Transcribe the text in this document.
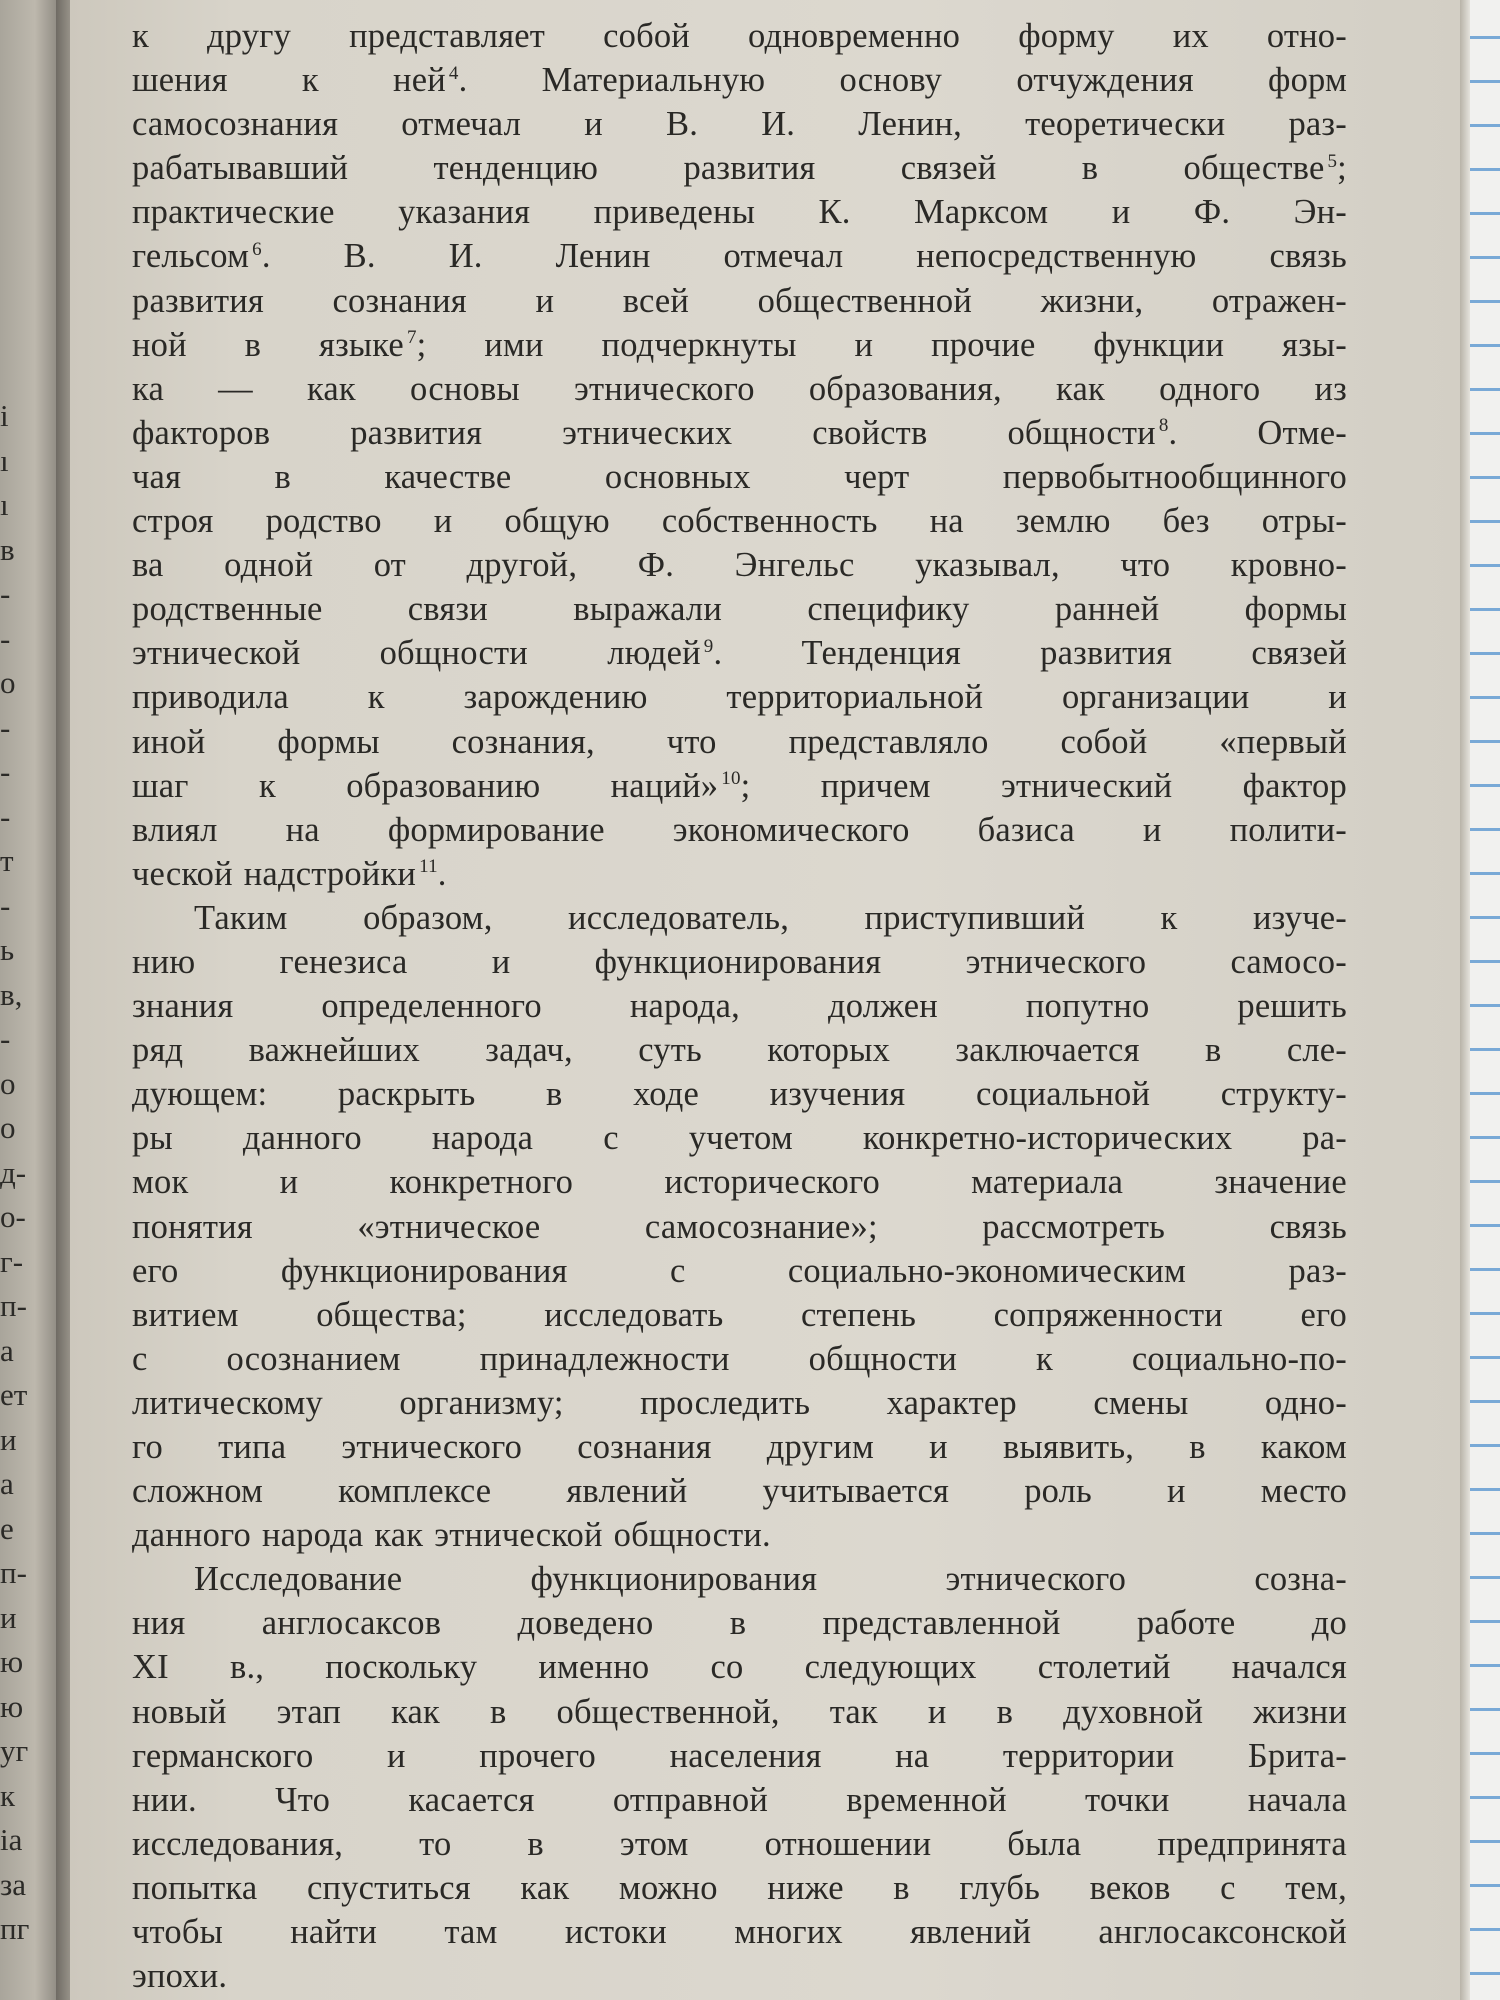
і
ı
ı
в
-
-
о
-
-
-
т
-
ь
в,
-
о
о
д-
о-
г-
п-
а
ет
и
а
е
п-
и
ю
ю
уг
к
іа
за
пг
к другу представляет собой одновременно форму их отно-
шения к ней $^4$. Материальную основу отчуждения форм
самосознания отмечал и В. И. Ленин, теоретически раз-
рабатывавший тенденцию развития связей в обществе $^5$;
практические указания приведены К. Марксом и Ф. Эн-
гельсом $^6$. В. И. Ленин отмечал непосредственную связь
развития сознания и всей общественной жизни, отражен-
ной в языке $^7$; ими подчеркнуты и прочие функции язы-
ка — как основы этнического образования, как одного из
факторов развития этнических свойств общности $^8$. Отме-
чая	в	качестве	основных	черт	первобытнообщинного
строя родство и общую собственность на землю без отры-
ва одной от другой, Ф. Энгельс указывал, что кровно-
родственные связи выражали специфику ранней формы
этнической общности людей $^9$. Тенденция развития связей
приводила к зарождению территориальной организации и
иной формы сознания, что представляло собой «первый
шаг к образованию наций» $^{10}$; причем этнический фактор
влиял на формирование экономического базиса и полити-
ческой надстройки $^{11}$.
Таким образом, исследователь, приступивший к изуче-
нию генезиса и функционирования этнического самосо-
знания	определенного	народа,	должен	попутно	решить
ряд важнейших задач, суть которых заключается в сле-
дующем: раскрыть в ходе изучения социальной структу-
ры данного народа с учетом конкретно-исторических ра-
мок	и	конкретного	исторического	материала	значение
понятия	«этническое	самосознание»;	рассмотреть	связь
его	функционирования	с	социально-экономическим	раз-
витием общества; исследовать степень сопряженности его
с осознанием принадлежности общности к социально-по-
литическому организму; проследить характер смены одно-
го типа этнического сознания другим и выявить, в каком
сложном комплексе явлений учитывается роль и место
данного народа как этнической общности.
Исследование	функционирования	этнического	созна-
ния англосаксов доведено в представленной работе до
XI в., поскольку именно со следующих столетий начался
новый этап как в общественной, так и в духовной жизни
германского и прочего населения на территории Брита-
нии. Что касается отправной временной точки начала
исследования, то в этом отношении была предпринята
попытка спуститься как можно ниже в глубь веков с тем,
чтобы найти там истоки многих явлений англосаксонской
эпохи.
